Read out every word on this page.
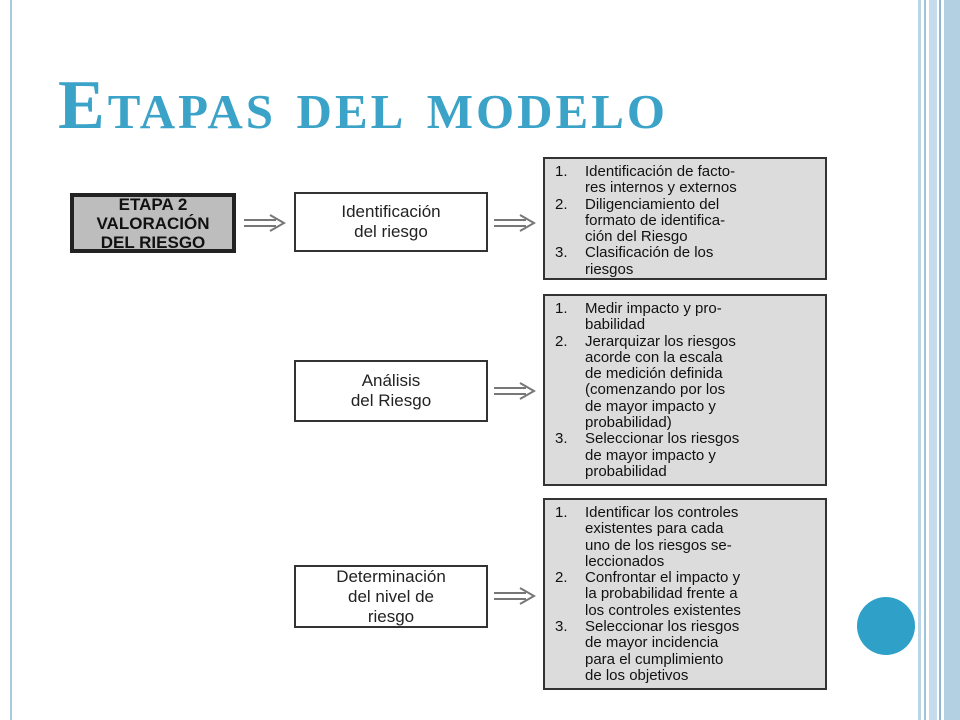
Etapas del modelo
ETAPA 2
VALORACIÓN
DEL RIESGO
Identificación
del riesgo
Análisis
del Riesgo
Determinación
del nivel de
riesgo
1.	Identificación de facto-
res internos y externos
2.	Diligenciamiento del
formato de identifica-
ción del Riesgo
3.	Clasificación de los
riesgos
1.	Medir impacto y pro-
babilidad
2.	Jerarquizar los riesgos
acorde con la escala
de medición definida
(comenzando por los
de mayor impacto y
probabilidad)
3.	Seleccionar los riesgos
de mayor impacto y
probabilidad
1.	Identificar los controles
existentes para cada
uno de los riesgos se-
leccionados
2.	Confrontar el impacto y
la probabilidad frente a
los controles existentes
3.	Seleccionar los riesgos
de mayor incidencia
para el cumplimiento
de los objetivos
